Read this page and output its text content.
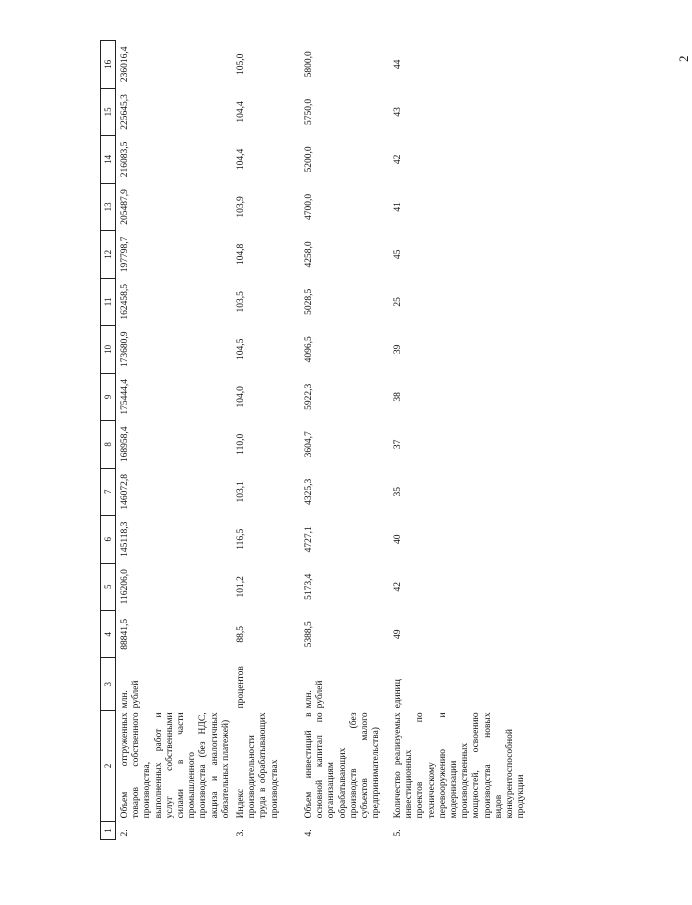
2
1	2	3	4	5	6	7	8	9	10	11	12	13	14	15	16
2.	Объем отгруженных товаров собственного производства, выполненных работ и услуг собственными силами в части промышленного производства (без НДС, акциза и аналогичных обязательных платежей)	млн. рублей	88841,5	116206,0	145118,3	146072,8	168958,4	175444,4	173680,9	162458,5	197798,7	205487,9	216083,5	225645,3	236016,4
3.	Индекс производительности труда в обрабатывающих производствах	процентов	88,5	101,2	116,5	103,1	110,0	104,0	104,5	103,5	104,8	103,9	104,4	104,4	105,0
4.	Объем инвестиций в основной капитал по организациям обрабатывающих производств (без субъектов малого предпринимательства)	млн. рублей	5388,5	5173,4	4727,1	4325,3	3604,7	5922,3	4096,5	5028,5	4258,0	4700,0	5200,0	5750,0	5800,0
5.	Количество реализуемых инвестиционных проектов по техническому перевооружению и модернизации производственных мощностей, освоению производства новых видов конкурентоспособной продукции	единиц	49	42	40	35	37	38	39	25	45	41	42	43	44
